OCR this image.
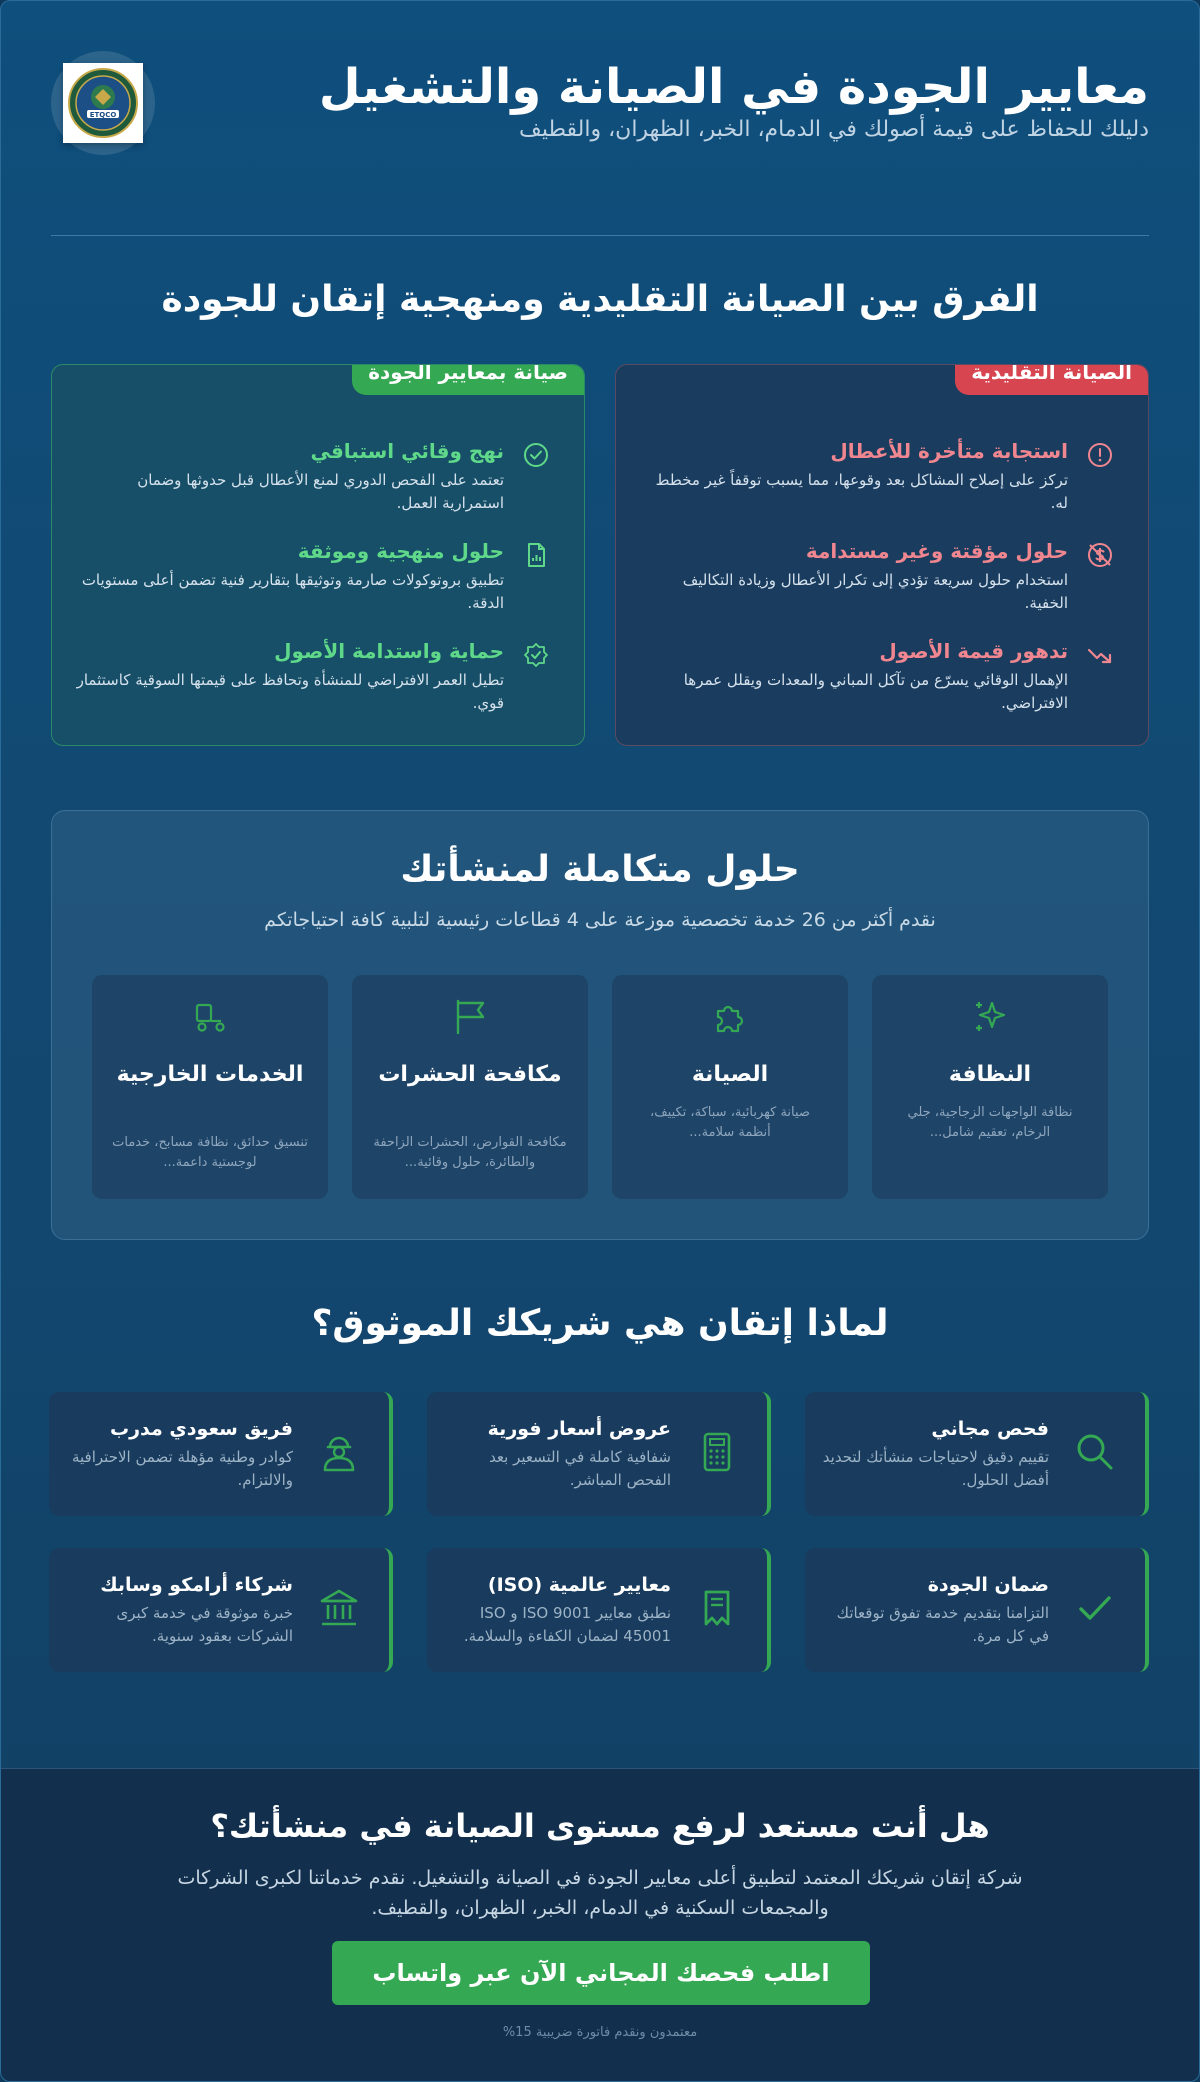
معايير الجودة في الصيانة والتشغيل

دليلك للحفاظ على قيمة أصولك في الدمام، الخبر، الظهران، والقطيف

ETQCO
الفرق بين الصيانة التقليدية ومنهجية إتقان للجودة
الصيانة التقليدية
استجابة متأخرة للأعطال
تركز على إصلاح المشاكل بعد وقوعها، مما يسبب توقفاً غير مخطط له.
حلول مؤقتة وغير مستدامة
استخدام حلول سريعة تؤدي إلى تكرار الأعطال وزيادة التكاليف الخفية.
تدهور قيمة الأصول
الإهمال الوقائي يسرّع من تآكل المباني والمعدات ويقلل عمرها الافتراضي.
صيانة بمعايير الجودة
نهج وقائي استباقي
تعتمد على الفحص الدوري لمنع الأعطال قبل حدوثها وضمان استمرارية العمل.
حلول منهجية وموثقة
تطبيق بروتوكولات صارمة وتوثيقها بتقارير فنية تضمن أعلى مستويات الدقة.
حماية واستدامة الأصول
تطيل العمر الافتراضي للمنشأة وتحافظ على قيمتها السوقية كاستثمار قوي.
حلول متكاملة لمنشأتك

نقدم أكثر من 26 خدمة تخصصية موزعة على 4 قطاعات رئيسية لتلبية كافة احتياجاتكم

النظافة
نظافة الواجهات الزجاجية، جلي الرخام، تعقيم شامل...
الصيانة
صيانة كهربائية، سباكة، تكييف، أنظمة سلامة...
مكافحة الحشرات
مكافحة القوارض، الحشرات الزاحفة والطائرة، حلول وقائية...
الخدمات الخارجية
تنسيق حدائق، نظافة مسابح، خدمات لوجستية داعمة...
لماذا إتقان هي شريكك الموثوق؟
فحص مجاني
تقييم دقيق لاحتياجات منشأتك لتحديد أفضل الحلول.
عروض أسعار فورية
شفافية كاملة في التسعير بعد الفحص المباشر.
فريق سعودي مدرب
كوادر وطنية مؤهلة تضمن الاحترافية والالتزام.
ضمان الجودة
التزامنا بتقديم خدمة تفوق توقعاتك في كل مرة.
معايير عالمية (ISO)
نطبق معايير ISO 9001 و ISO 45001 لضمان الكفاءة والسلامة.
شركاء أرامكو وسابك
خبرة موثوقة في خدمة كبرى الشركات بعقود سنوية.
هل أنت مستعد لرفع مستوى الصيانة في منشأتك؟

شركة إتقان شريكك المعتمد لتطبيق أعلى معايير الجودة في الصيانة والتشغيل. نقدم خدماتنا لكبرى الشركات والمجمعات السكنية في الدمام، الخبر، الظهران، والقطيف.

اطلب فحصك المجاني الآن عبر واتساب
معتمدون ونقدم فاتورة ضريبية 15%
